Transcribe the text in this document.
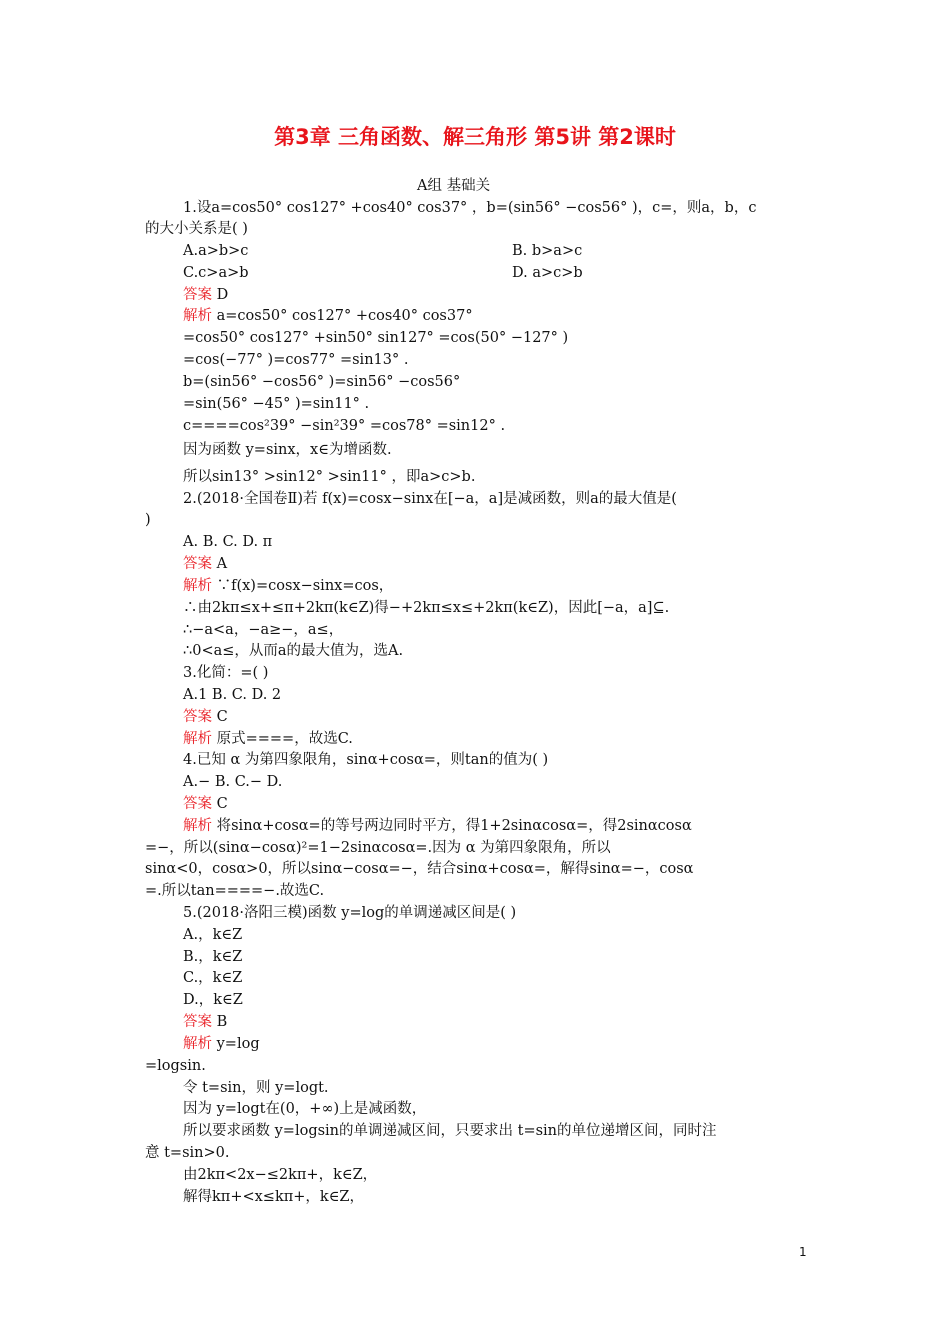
第3章 三角函数、解三角形 第5讲 第2课时
A组 基础关
1.设a=cos50° cos127° +cos40° cos37° ，b=(sin56° −cos56° )，c=，则a，b，c
的大小关系是( )
A.a>b>c	B. b>a>c
C.c>a>b	D. a>c>b
答案 D
解析 a=cos50° cos127° +cos40° cos37°
=cos50° cos127° +sin50° sin127° =cos(50° −127° )
=cos(−77° )=cos77° =sin13° .
b=(sin56° −cos56° )=sin56° −cos56°
=sin(56° −45° )=sin11° .
c====cos²39° −sin²39° =cos78° =sin12° .
因为函数 y=sinx，x∈为增函数.
所以sin13° >sin12° >sin11° ，即a>c>b.
2.(2018·全国卷Ⅱ)若 f(x)=cosx−sinx在[−a，a]是减函数，则a的最大值是(
)
A. B. C. D. π
答案 A
解析 ∵f(x)=cosx−sinx=cos，
∴由2kπ≤x+≤π+2kπ(k∈Z)得−+2kπ≤x≤+2kπ(k∈Z)，因此[−a，a]⊆.
∴−a<a，−a≥−，a≤，
∴0<a≤，从而a的最大值为，选A.
3.化简：=( )
A.1 B. C. D. 2
答案 C
解析 原式====，故选C.
4.已知 α 为第四象限角，sinα+cosα=，则tan的值为( )
A.− B. C.− D.
答案 C
解析 将sinα+cosα=的等号两边同时平方，得1+2sinαcosα=，得2sinαcosα
=−，所以(sinα−cosα)²=1−2sinαcosα=.因为 α 为第四象限角，所以
sinα<0，cosα>0，所以sinα−cosα=−，结合sinα+cosα=，解得sinα=−，cosα
=.所以tan====−.故选C.
5.(2018·洛阳三模)函数 y=log的单调递减区间是( )
A.，k∈Z
B.，k∈Z
C.，k∈Z
D.，k∈Z
答案 B
解析 y=log
=logsin.
令 t=sin，则 y=logt.
因为 y=logt在(0，+∞)上是减函数，
所以要求函数 y=logsin的单调递减区间，只要求出 t=sin的单位递增区间，同时注
意 t=sin>0.
由2kπ<2x−≤2kπ+，k∈Z，
解得kπ+<x≤kπ+，k∈Z，
1
